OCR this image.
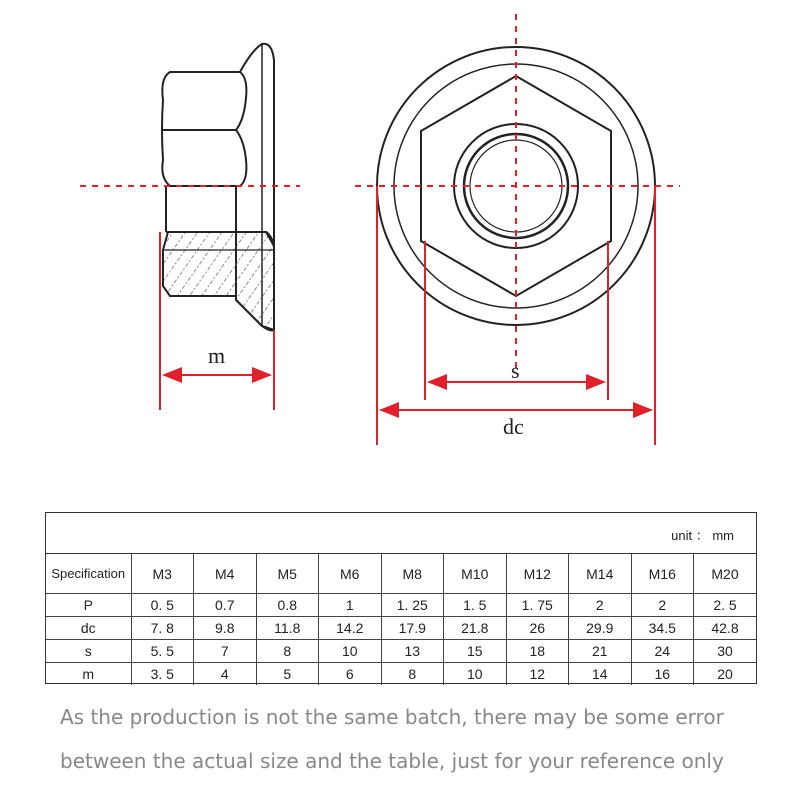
m
s
dc
unit ： mm
Specification	M3	M4	M5	M6	M8	M10	M12	M14	M16	M20
P	0. 5	0.7	0.8	1	1. 25	1. 5	1. 75	2	2	2. 5
dc	7. 8	9.8	11.8	14.2	17.9	21.8	26	29.9	34.5	42.8
s	5. 5	7	8	10	13	15	18	21	24	30
m	3. 5	4	5	6	8	10	12	14	16	20
As the production is not the same batch, there may be some error
between the actual size and the table, just for your reference only
